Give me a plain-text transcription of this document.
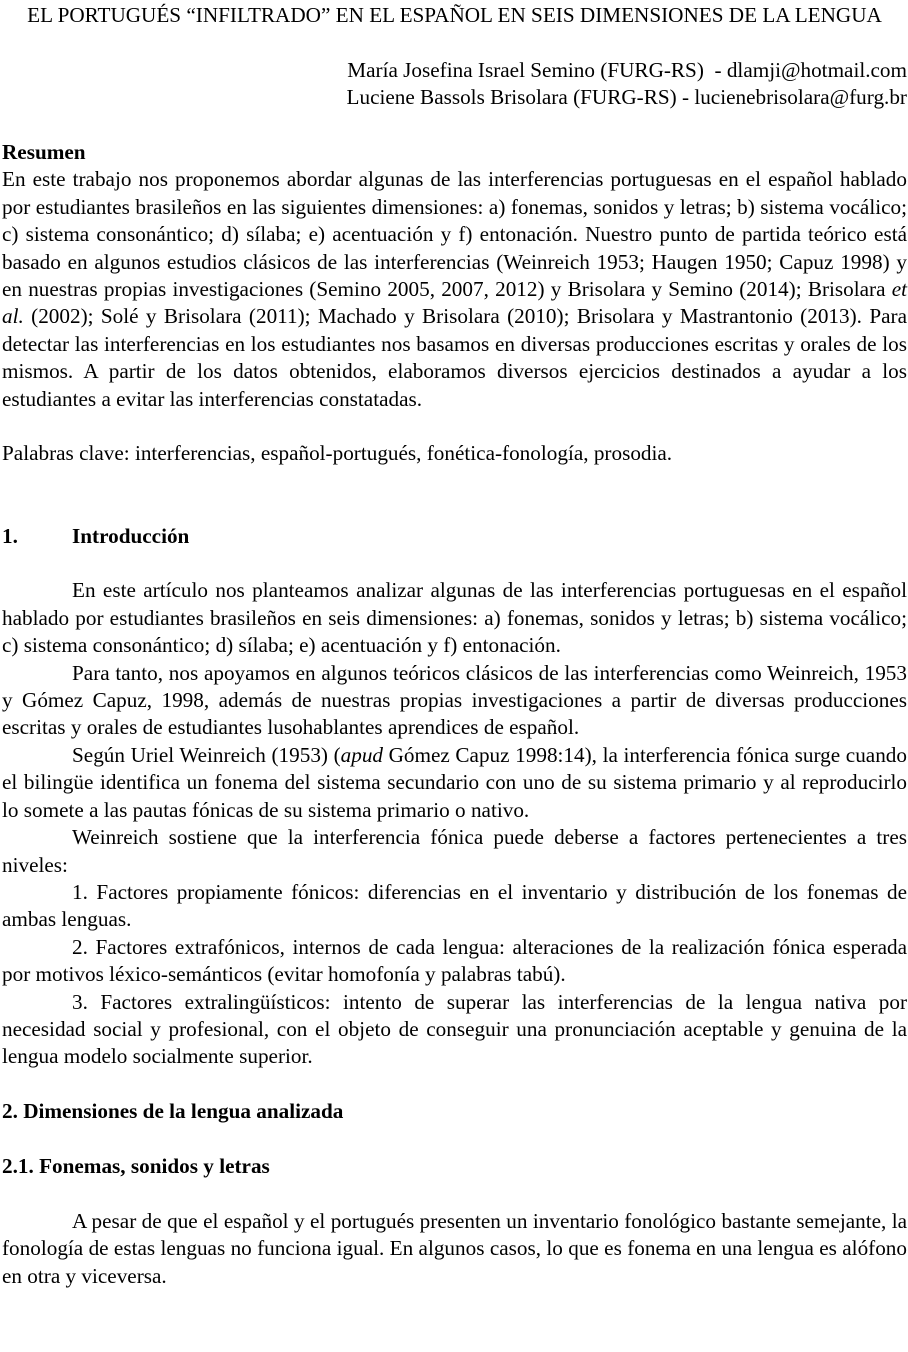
EL PORTUGUÉS “INFILTRADO” EN EL ESPAÑOL EN SEIS DIMENSIONES DE LA LENGUA

María Josefina Israel Semino (FURG-RS)  - dlamji@hotmail.com

Luciene Bassols Brisolara (FURG-RS) - lucienebrisolara@furg.br

Resumen

En este trabajo nos proponemos abordar algunas de las interferencias portuguesas en el español hablado por estudiantes brasileños en las siguientes dimensiones: a) fonemas, sonidos y letras; b) sistema vocálico; c) sistema consonántico; d) sílaba; e) acentuación y f) entonación. Nuestro punto de partida teórico está basado en algunos estudios clásicos de las interferencias (Weinreich 1953; Haugen 1950; Capuz 1998) y en nuestras propias investigaciones (Semino 2005, 2007, 2012) y Brisolara y Semino (2014); Brisolara et al. (2002); Solé y Brisolara (2011); Machado y Brisolara (2010); Brisolara y Mastrantonio (2013). Para detectar las interferencias en los estudiantes nos basamos en diversas producciones escritas y orales de los mismos. A partir de los datos obtenidos, elaboramos diversos ejercicios destinados a ayudar a los estudiantes a evitar las interferencias constatadas.

Palabras clave: interferencias, español-portugués, fonética-fonología, prosodia.

1.	Introducción

En este artículo nos planteamos analizar algunas de las interferencias portuguesas en el español hablado por estudiantes brasileños en seis dimensiones: a) fonemas, sonidos y letras; b) sistema vocálico; c) sistema consonántico; d) sílaba; e) acentuación y f) entonación.

Para tanto, nos apoyamos en algunos teóricos clásicos de las interferencias como Weinreich, 1953 y Gómez Capuz, 1998, además de nuestras propias investigaciones a partir de diversas producciones escritas y orales de estudiantes lusohablantes aprendices de español.

Según Uriel Weinreich (1953) (apud Gómez Capuz 1998:14), la interferencia fónica surge cuando el bilingüe identifica un fonema del sistema secundario con uno de su sistema primario y al reproducirlo lo somete a las pautas fónicas de su sistema primario o nativo.

Weinreich sostiene que la interferencia fónica puede deberse a factores pertenecientes a tres niveles:

1. Factores propiamente fónicos: diferencias en el inventario y distribución de los fonemas de ambas lenguas.

2. Factores extrafónicos, internos de cada lengua: alteraciones de la realización fónica esperada por motivos léxico-semánticos (evitar homofonía y palabras tabú).

3. Factores extralingüísticos: intento de superar las interferencias de la lengua nativa por necesidad social y profesional, con el objeto de conseguir una pronunciación aceptable y genuina de la lengua modelo socialmente superior.

2. Dimensiones de la lengua analizada

2.1. Fonemas, sonidos y letras

A pesar de que el español y el portugués presenten un inventario fonológico bastante semejante, la fonología de estas lenguas no funciona igual. En algunos casos, lo que es fonema en una lengua es alófono en otra y viceversa.
